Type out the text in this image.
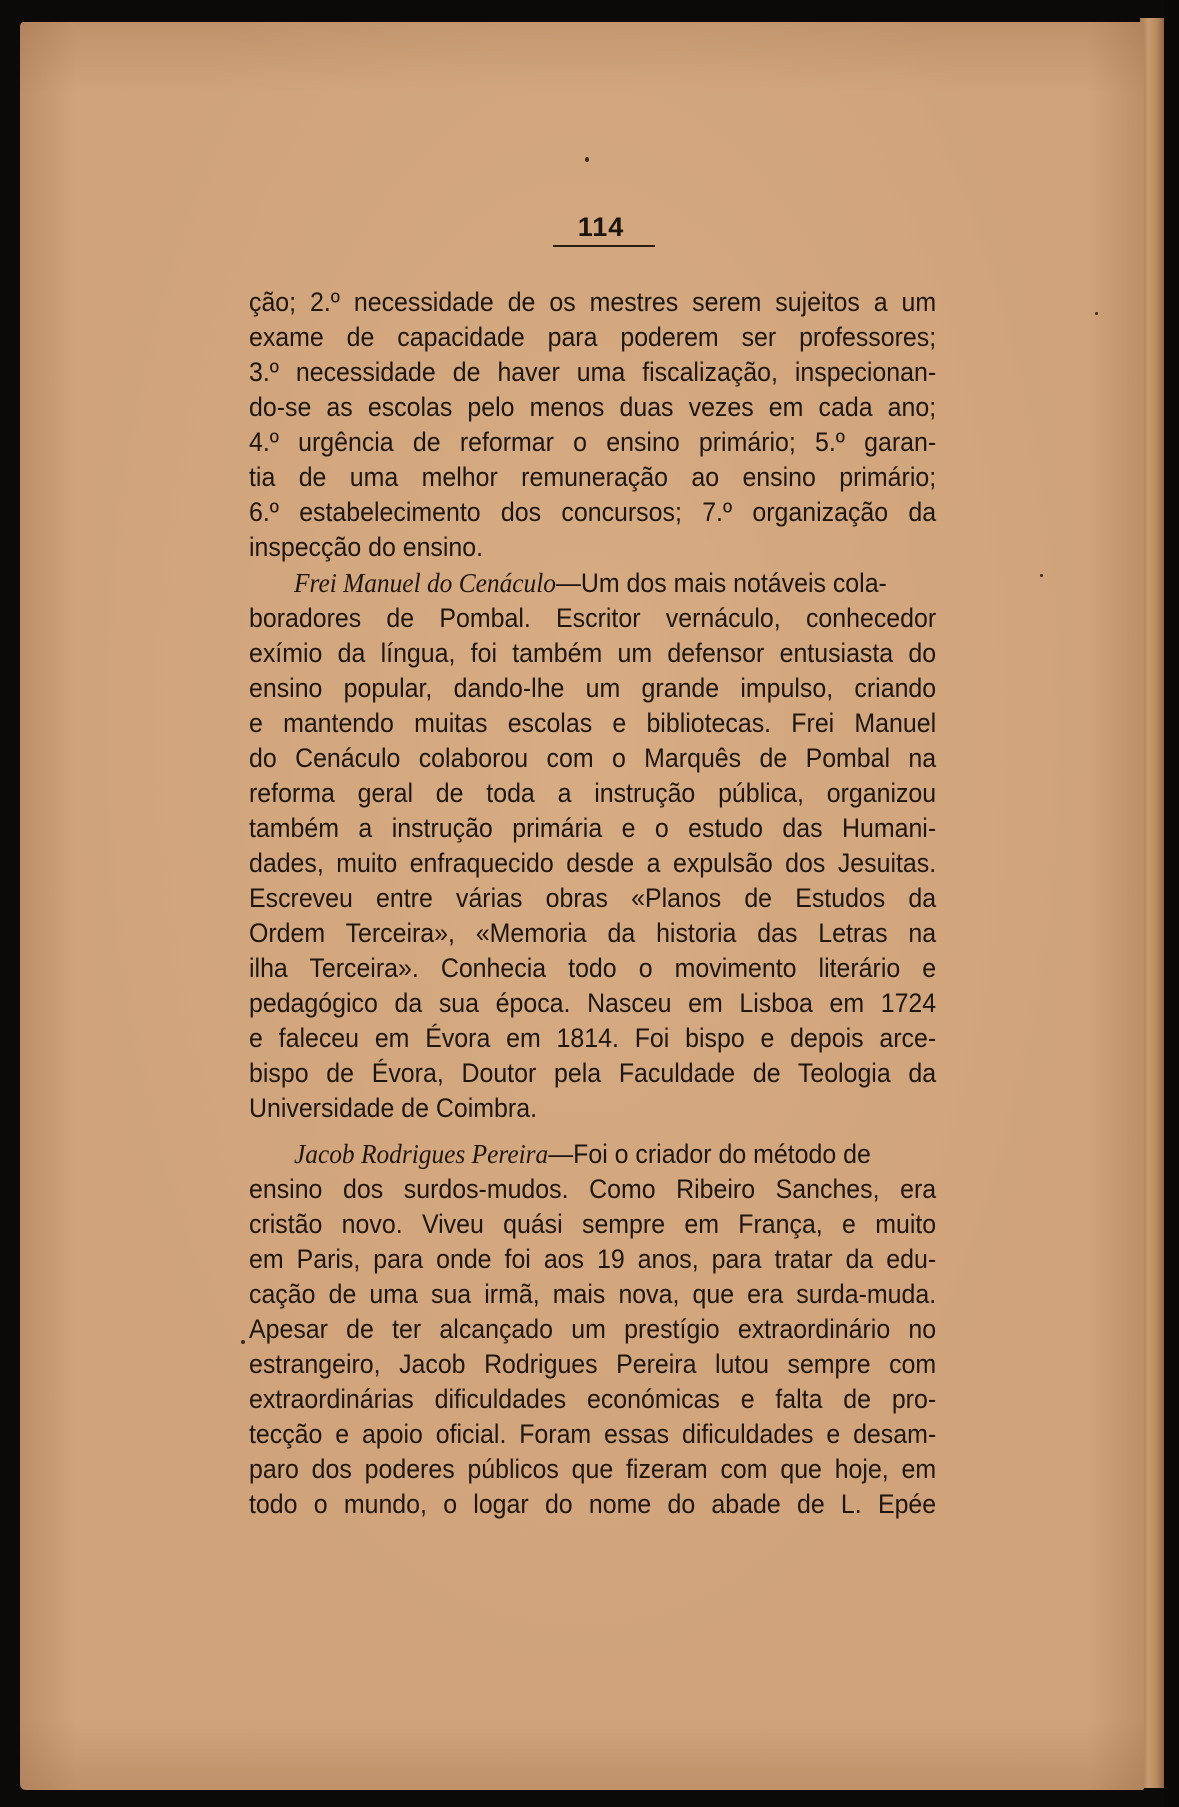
114
ção; 2.º necessidade de os mestres serem sujeitos a um
exame de capacidade para poderem ser professores;
3.º necessidade de haver uma fiscalização, inspecionan-
do-se as escolas pelo menos duas vezes em cada ano;
4.º urgência de reformar o ensino primário; 5.º garan-
tia de uma melhor remuneração ao ensino primário;
6.º estabelecimento dos concursos; 7.º organização da
inspecção do ensino.
Frei Manuel do Cenáculo—Um dos mais notáveis cola-
boradores de Pombal. Escritor vernáculo, conhecedor
exímio da língua, foi também um defensor entusiasta do
ensino popular, dando-lhe um grande impulso, criando
e mantendo muitas escolas e bibliotecas. Frei Manuel
do Cenáculo colaborou com o Marquês de Pombal na
reforma geral de toda a instrução pública, organizou
também a instrução primária e o estudo das Humani-
dades, muito enfraquecido desde a expulsão dos Jesuitas.
Escreveu entre várias obras «Planos de Estudos da
Ordem Terceira», «Memoria da historia das Letras na
ilha Terceira». Conhecia todo o movimento literário e
pedagógico da sua época. Nasceu em Lisboa em 1724
e faleceu em Évora em 1814. Foi bispo e depois arce-
bispo de Évora, Doutor pela Faculdade de Teologia da
Universidade de Coimbra.
Jacob Rodrigues Pereira—Foi o criador do método de
ensino dos surdos-mudos. Como Ribeiro Sanches, era
cristão novo. Viveu quási sempre em França, e muito
em Paris, para onde foi aos 19 anos, para tratar da edu-
cação de uma sua irmã, mais nova, que era surda-muda.
Apesar de ter alcançado um prestígio extraordinário no
estrangeiro, Jacob Rodrigues Pereira lutou sempre com
extraordinárias dificuldades económicas e falta de pro-
tecção e apoio oficial. Foram essas dificuldades e desam-
paro dos poderes públicos que fizeram com que hoje, em
todo o mundo, o logar do nome do abade de L. Epée
